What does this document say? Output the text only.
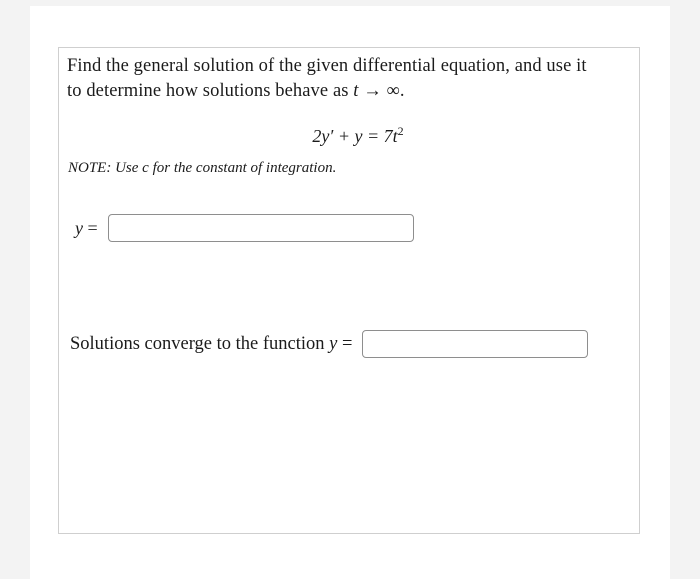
Find the general solution of the given differential equation, and use it
to determine how solutions behave as t → ∞.
$2y' + y = 7t^2$
NOTE: Use c for the constant of integration.
y =
Solutions converge to the function y =
